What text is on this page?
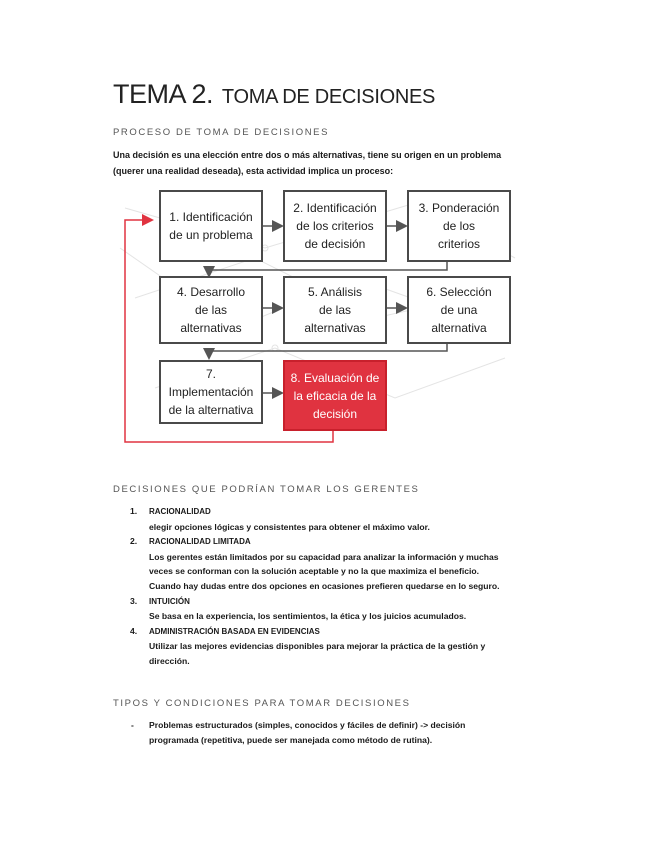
TEMA 2. TOMA DE DECISIONES
PROCESO DE TOMA DE DECISIONES

Una decisión es una elección entre dos o más alternativas, tiene su origen en un problema
(querer una realidad deseada), esta actividad implica un proceso:

1. Identificación
de un problema
2. Identificación
de los criterios
de decisión
3. Ponderación
de los
criterios
4. Desarrollo
de las
alternativas
5. Análisis
de las
alternativas
6. Selección
de una
alternativa
7.
Implementación
de la alternativa
8. Evaluación de
la eficacia de la
decisión
DECISIONES QUE PODRÍAN TOMAR LOS GERENTES
1. RACIONALIDAD
elegir opciones lógicas y consistentes para obtener el máximo valor.
2. RACIONALIDAD LIMITADA
Los gerentes están limitados por su capacidad para analizar la información y muchas
veces se conforman con la solución aceptable y no la que maximiza el beneficio.
Cuando hay dudas entre dos opciones en ocasiones prefieren quedarse en lo seguro.
3. INTUICIÓN
Se basa en la experiencia, los sentimientos, la ética y los juicios acumulados.
4. ADMINISTRACIÓN BASADA EN EVIDENCIAS
Utilizar las mejores evidencias disponibles para mejorar la práctica de la gestión y
dirección.
TIPOS Y CONDICIONES PARA TOMAR DECISIONES
- Problemas estructurados (simples, conocidos y fáciles de definir) -> decisión
programada (repetitiva, puede ser manejada como método de rutina).
